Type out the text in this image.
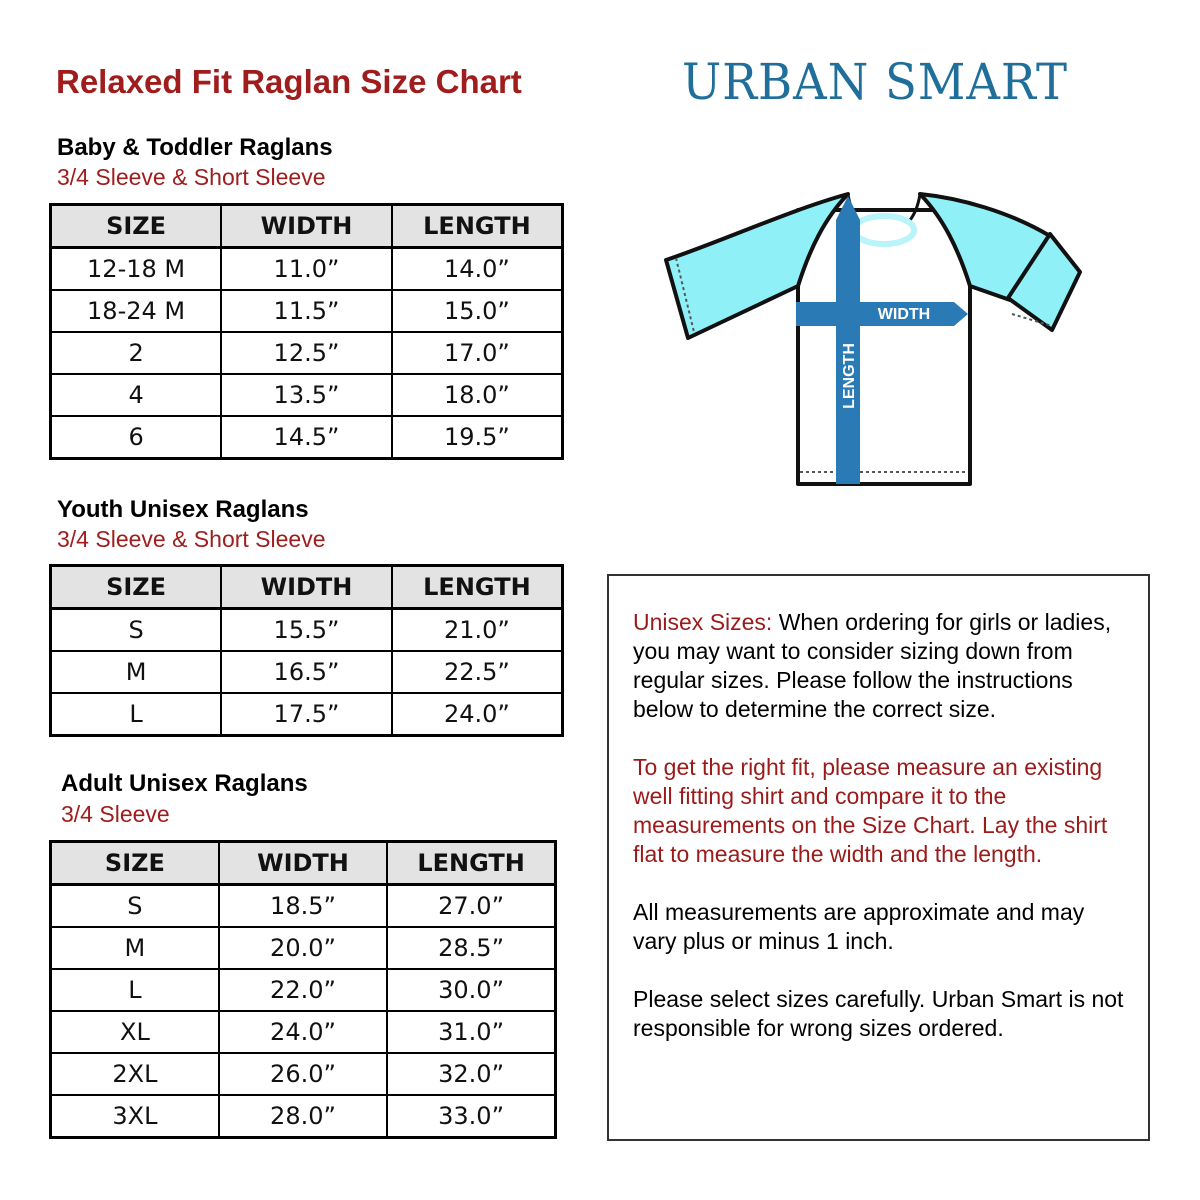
Relaxed Fit Raglan Size Chart	URBAN SMART
Baby & Toddler Raglans
3/4 Sleeve & Short Sleeve
SIZE	WIDTH	LENGTH
12-18 M	11.0”	14.0”
18-24 M	11.5”	15.0”
2	12.5”	17.0”
4	13.5”	18.0”
6	14.5”	19.5”
Youth Unisex Raglans
3/4 Sleeve & Short Sleeve
SIZE	WIDTH	LENGTH
S	15.5”	21.0”
M	16.5”	22.5”
L	17.5”	24.0”
Adult Unisex Raglans
3/4 Sleeve
SIZE	WIDTH	LENGTH
S	18.5”	27.0”
M	20.0”	28.5”
L	22.0”	30.0”
XL	24.0”	31.0”
2XL	26.0”	32.0”
3XL	28.0”	33.0”
WIDTH
LENGTH

Unisex Sizes: When ordering for girls or ladies, you may want to consider sizing down from regular sizes. Please follow the instructions below to determine the correct size.

To get the right fit, please measure an existing well fitting shirt and compare it to the measurements on the Size Chart. Lay the shirt flat to measure the width and the length.

All measurements are approximate and may vary plus or minus 1 inch.

Please select sizes carefully. Urban Smart is not responsible for wrong sizes ordered.
